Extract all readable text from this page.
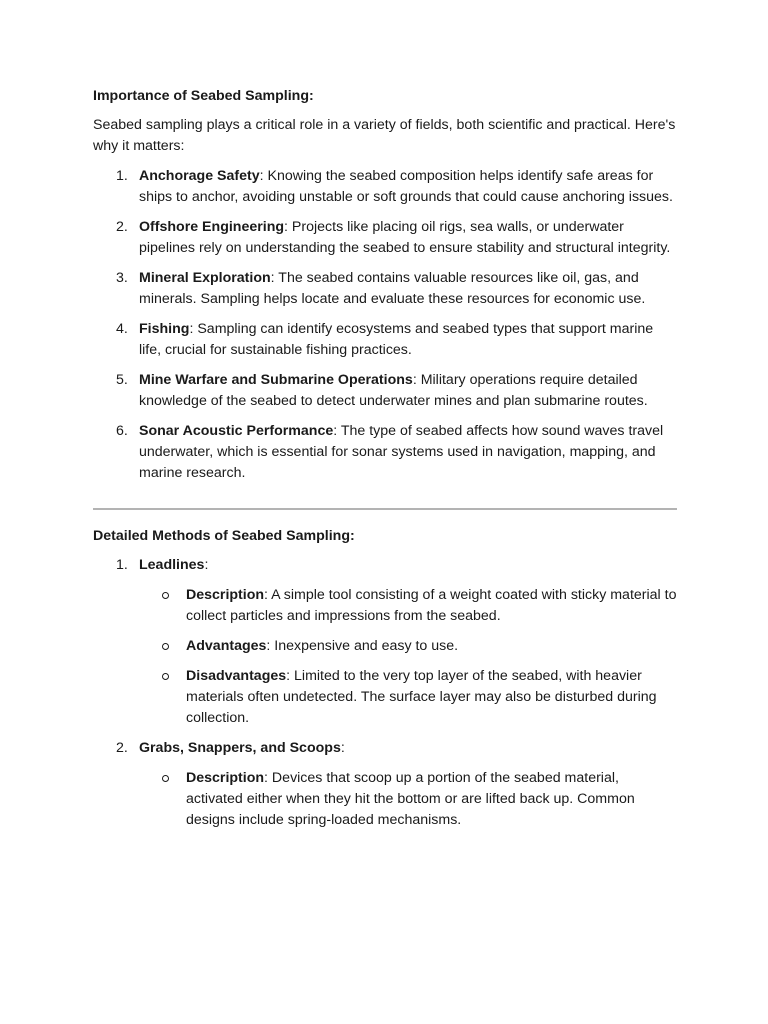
Importance of Seabed Sampling:

Seabed sampling plays a critical role in a variety of fields, both scientific and practical. Here's why it matters:

1. Anchorage Safety: Knowing the seabed composition helps identify safe areas for ships to anchor, avoiding unstable or soft grounds that could cause anchoring issues.
2. Offshore Engineering: Projects like placing oil rigs, sea walls, or underwater pipelines rely on understanding the seabed to ensure stability and structural integrity.
3. Mineral Exploration: The seabed contains valuable resources like oil, gas, and minerals. Sampling helps locate and evaluate these resources for economic use.
4. Fishing: Sampling can identify ecosystems and seabed types that support marine life, crucial for sustainable fishing practices.
5. Mine Warfare and Submarine Operations: Military operations require detailed knowledge of the seabed to detect underwater mines and plan submarine routes.
6. Sonar Acoustic Performance: The type of seabed affects how sound waves travel underwater, which is essential for sonar systems used in navigation, mapping, and marine research.

Detailed Methods of Seabed Sampling:

1. Leadlines:
Description: A simple tool consisting of a weight coated with sticky material to collect particles and impressions from the seabed.
Advantages: Inexpensive and easy to use.
Disadvantages: Limited to the very top layer of the seabed, with heavier materials often undetected. The surface layer may also be disturbed during collection.
2. Grabs, Snappers, and Scoops:
Description: Devices that scoop up a portion of the seabed material, activated either when they hit the bottom or are lifted back up. Common designs include spring-loaded mechanisms.
